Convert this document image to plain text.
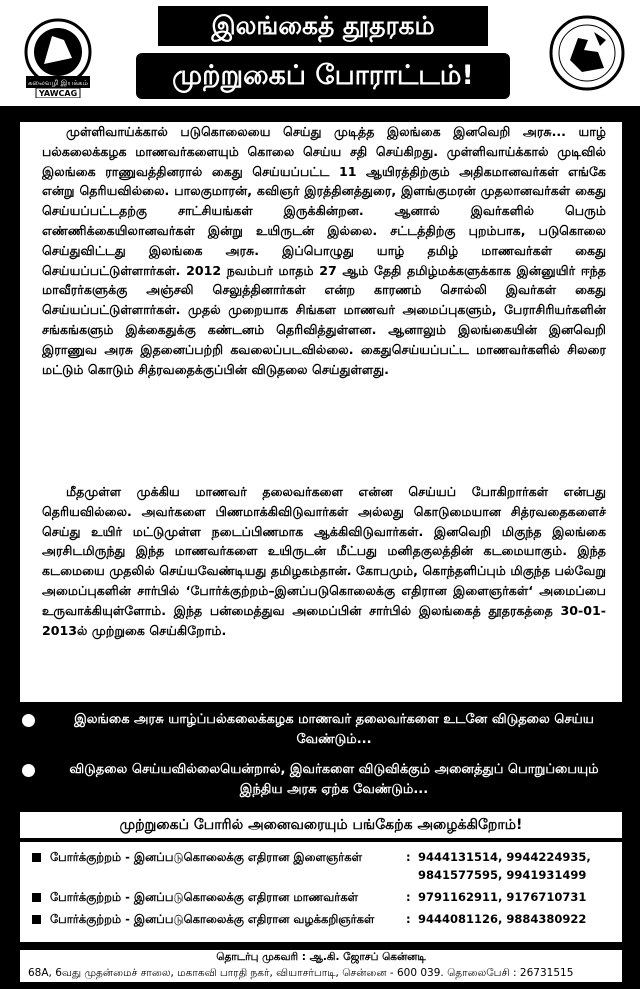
கலைவழி இயக்கம்
YAWCAG
இலங்கைத் தூதரகம்
முற்றுகைப் போராட்டம்!

முள்ளிவாய்க்கால் படுகொலையை செய்து முடித்த இலங்கை இனவெறி அரசு... யாழ் பல்கலைக்கழக மாணவர்களையும் கொலை செய்ய சதி செய்கிறது. முள்ளிவாய்க்கால் முடிவில் இலங்கை ராணுவத்தினரால் கைது செய்யப்பட்ட 11 ஆயிரத்திற்கும் அதிகமானவர்கள் எங்கே என்று தெரியவில்லை. பாலகுமாரன், கவிஞர் இரத்தினத்துரை, இளங்குமரன் முதலானவர்கள் கைது செய்யப்பட்டதற்கு சாட்சியங்கள் இருக்கின்றன. ஆனால் இவர்களில் பெரும் எண்ணிக்கையிலானவர்கள் இன்று உயிருடன் இல்லை. சட்டத்திற்கு புறம்பாக, படுகொலை செய்துவிட்டது இலங்கை அரசு. இப்பொழுது யாழ் தமிழ் மாணவர்கள் கைது செய்யப்பட்டுள்ளார்கள். 2012 நவம்பர் மாதம் 27 ஆம் தேதி தமிழ்மக்களுக்காக இன்னுயிர் ஈந்த மாவீரர்களுக்கு அஞ்சலி செலுத்தினார்கள் என்ற காரணம் சொல்லி இவர்கள் கைது செய்யப்பட்டுள்ளார்கள். முதல் முறையாக சிங்கள மாணவர் அமைப்புகளும், பேராசிரியர்களின் சங்கங்களும் இக்கைதுக்கு கண்டனம் தெரிவித்துள்ளன. ஆனாலும் இலங்கையின் இனவெறி இராணுவ அரசு இதனைப்பற்றி கவலைப்படவில்லை. கைதுசெய்யப்பட்ட மாணவர்களில் சிலரை மட்டும் கொடும் சித்ரவதைக்குப்பின் விடுதலை செய்துள்ளது.

மீதமுள்ள முக்கிய மாணவர் தலைவர்களை என்ன செய்யப் போகிறார்கள் என்பது தெரியவில்லை. அவர்களை பிணமாக்கிவிடுவார்கள் அல்லது கொடுமையான சித்ரவதைகளைச் செய்து உயிர் மட்டுமுள்ள நடைப்பிணமாக ஆக்கிவிடுவார்கள். இனவெறி மிகுந்த இலங்கை அரசிடமிருந்து இந்த மாணவர்களை உயிருடன் மீட்பது மனிதகுலத்தின் கடமையாகும். இந்த கடமையை முதலில் செய்யவேண்டியது தமிழகம்தான். கோபமும், கொந்தளிப்பும் மிகுந்த பல்வேறு அமைப்புகளின் சார்பில் ‘போர்க்குற்றம்–இனப்படுகொலைக்கு எதிரான இளைஞர்கள்‘ அமைப்பை உருவாக்கியுள்ளோம். இந்த பன்மைத்துவ அமைப்பின் சார்பில் இலங்கைத் தூதரகத்தை 30-01-2013ல் முற்றுகை செய்கிறோம்.

இலங்கை அரசு யாழ்ப்பல்கலைக்கழக மாணவர் தலைவர்களை உடனே விடுதலை செய்ய வேண்டும்...
விடுதலை செய்யவில்லையென்றால், இவர்களை விடுவிக்கும் அனைத்துப் பொறுப்பையும் இந்திய அரசு ஏற்க வேண்டும்...
முற்றுகைப் போரில் அனைவரையும் பங்கேற்க அழைக்கிறோம்!
போர்க்குற்றம் - இனப்படுகொலைக்கு எதிரான இளைஞர்கள்	: 9444131514, 9944224935,
9841577595, 9941931499
போர்க்குற்றம் - இனப்படுகொலைக்கு எதிரான மாணவர்கள்	: 9791162911, 9176710731
போர்க்குற்றம் - இனப்படுகொலைக்கு எதிரான வழக்கறிஞர்கள்	: 9444081126, 9884380922
தொடர்பு முகவரி : ஆ.கி. ஜோசப் கென்னடி
68A, 6வது முதன்மைச் சாலை, மகாகவி பாரதி நகர், வியாசர்பாடி, சென்னை - 600 039. தொலைபேசி : 26731515
